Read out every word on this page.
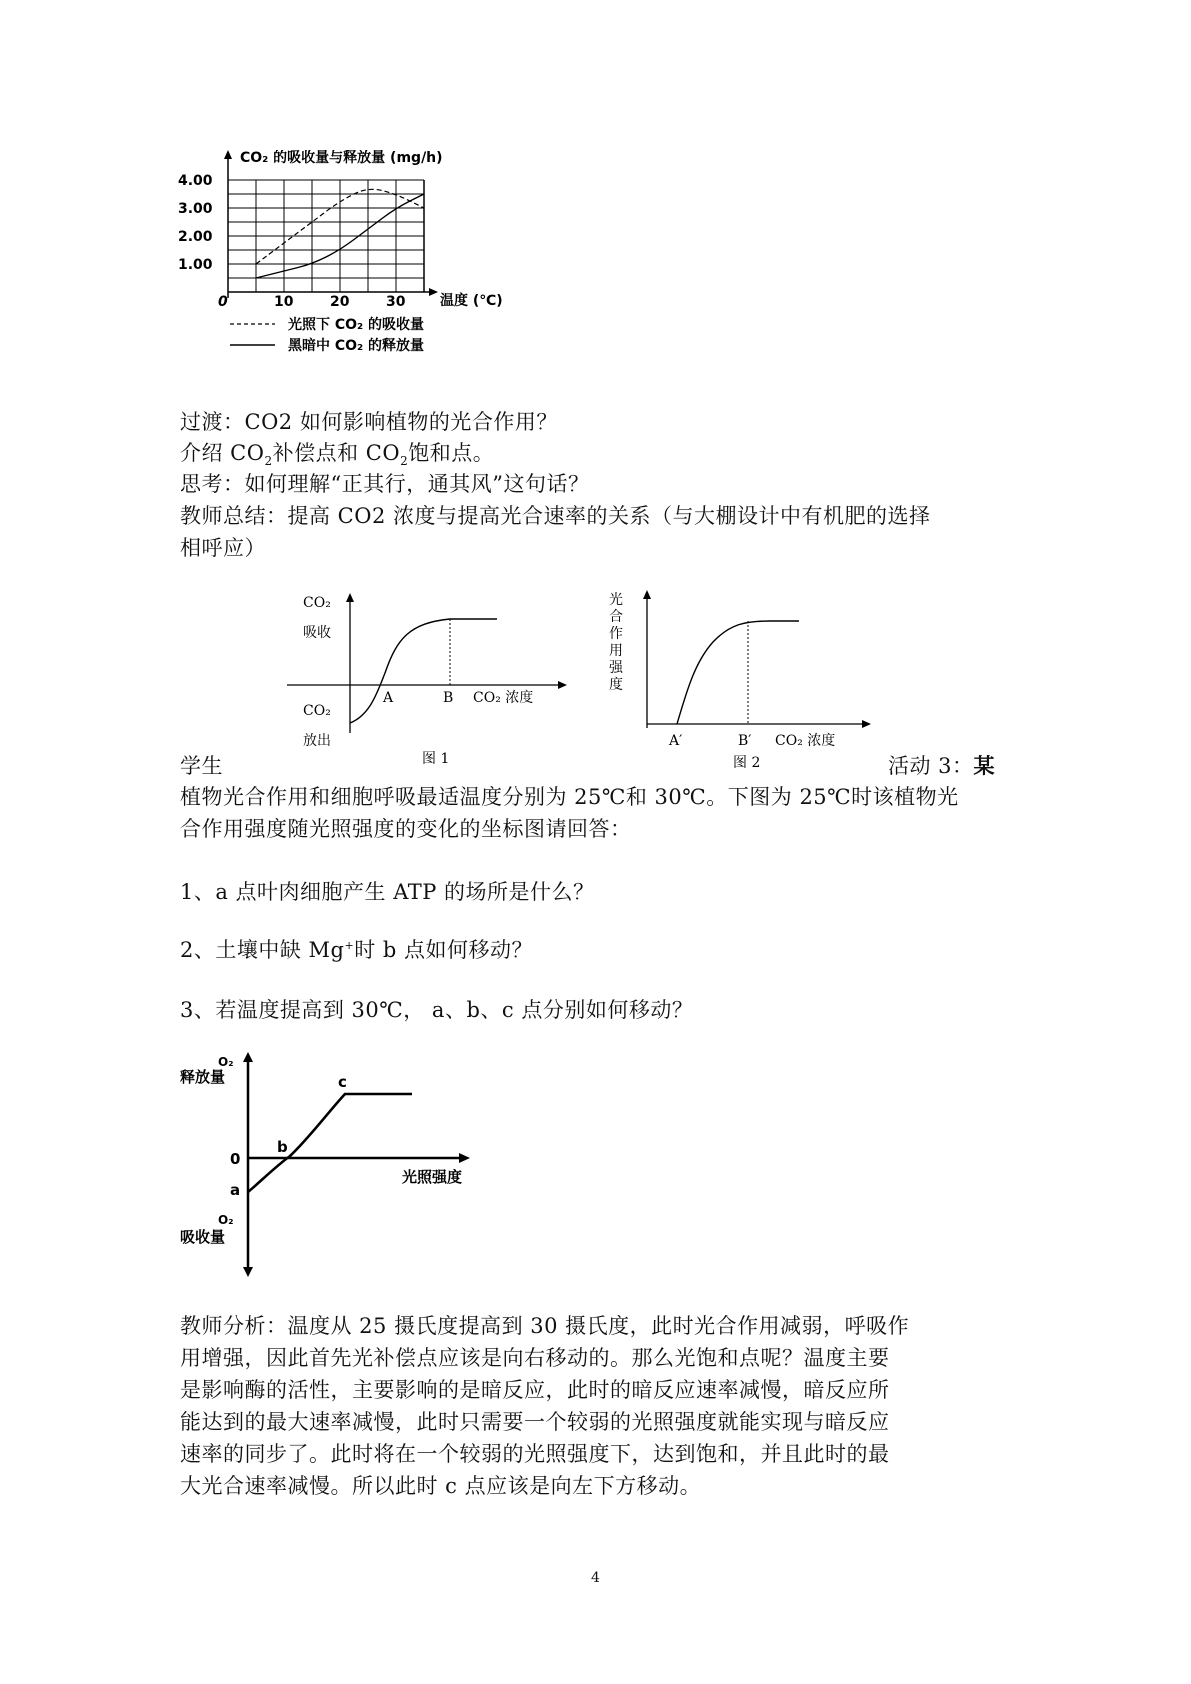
CO₂ 的吸收量与释放量 (mg/h)
4.00
3.00
2.00
1.00
0	10	20	30 温度 (℃)
光照下 CO₂ 的吸收量
黑暗中 CO₂ 的释放量
过渡：CO2 如何影响植物的光合作用？
介绍 $CO_2$补偿点和 $CO_2$饱和点。
思考：如何理解“正其行，通其风”这句话？
教师总结：提高 CO2 浓度与提高光合速率的关系（与大棚设计中有机肥的选择
相呼应）
CO₂
吸收
CO₂
放出
A	B CO₂ 浓度
图 1
光
合
作
用
强
度
A′	B′ CO₂ 浓度
图 2
学生	活动 3：某
植物光合作用和细胞呼吸最适温度分别为 25℃和 30℃。下图为 25℃时该植物光
合作用强度随光照强度的变化的坐标图请回答：
1、a 点叶肉细胞产生 ATP 的场所是什么？
2、土壤中缺 Mg+时 b 点如何移动？
3、若温度提高到 30℃， a、b、c 点分别如何移动？
O₂
释放量
0
a
b
c
光照强度
O₂
吸收量
教师分析：温度从 25 摄氏度提高到 30 摄氏度，此时光合作用减弱，呼吸作
用增强，因此首先光补偿点应该是向右移动的。那么光饱和点呢？温度主要
是影响酶的活性，主要影响的是暗反应，此时的暗反应速率减慢，暗反应所
能达到的最大速率减慢，此时只需要一个较弱的光照强度就能实现与暗反应
速率的同步了。此时将在一个较弱的光照强度下，达到饱和，并且此时的最
大光合速率减慢。所以此时 c 点应该是向左下方移动。
4
